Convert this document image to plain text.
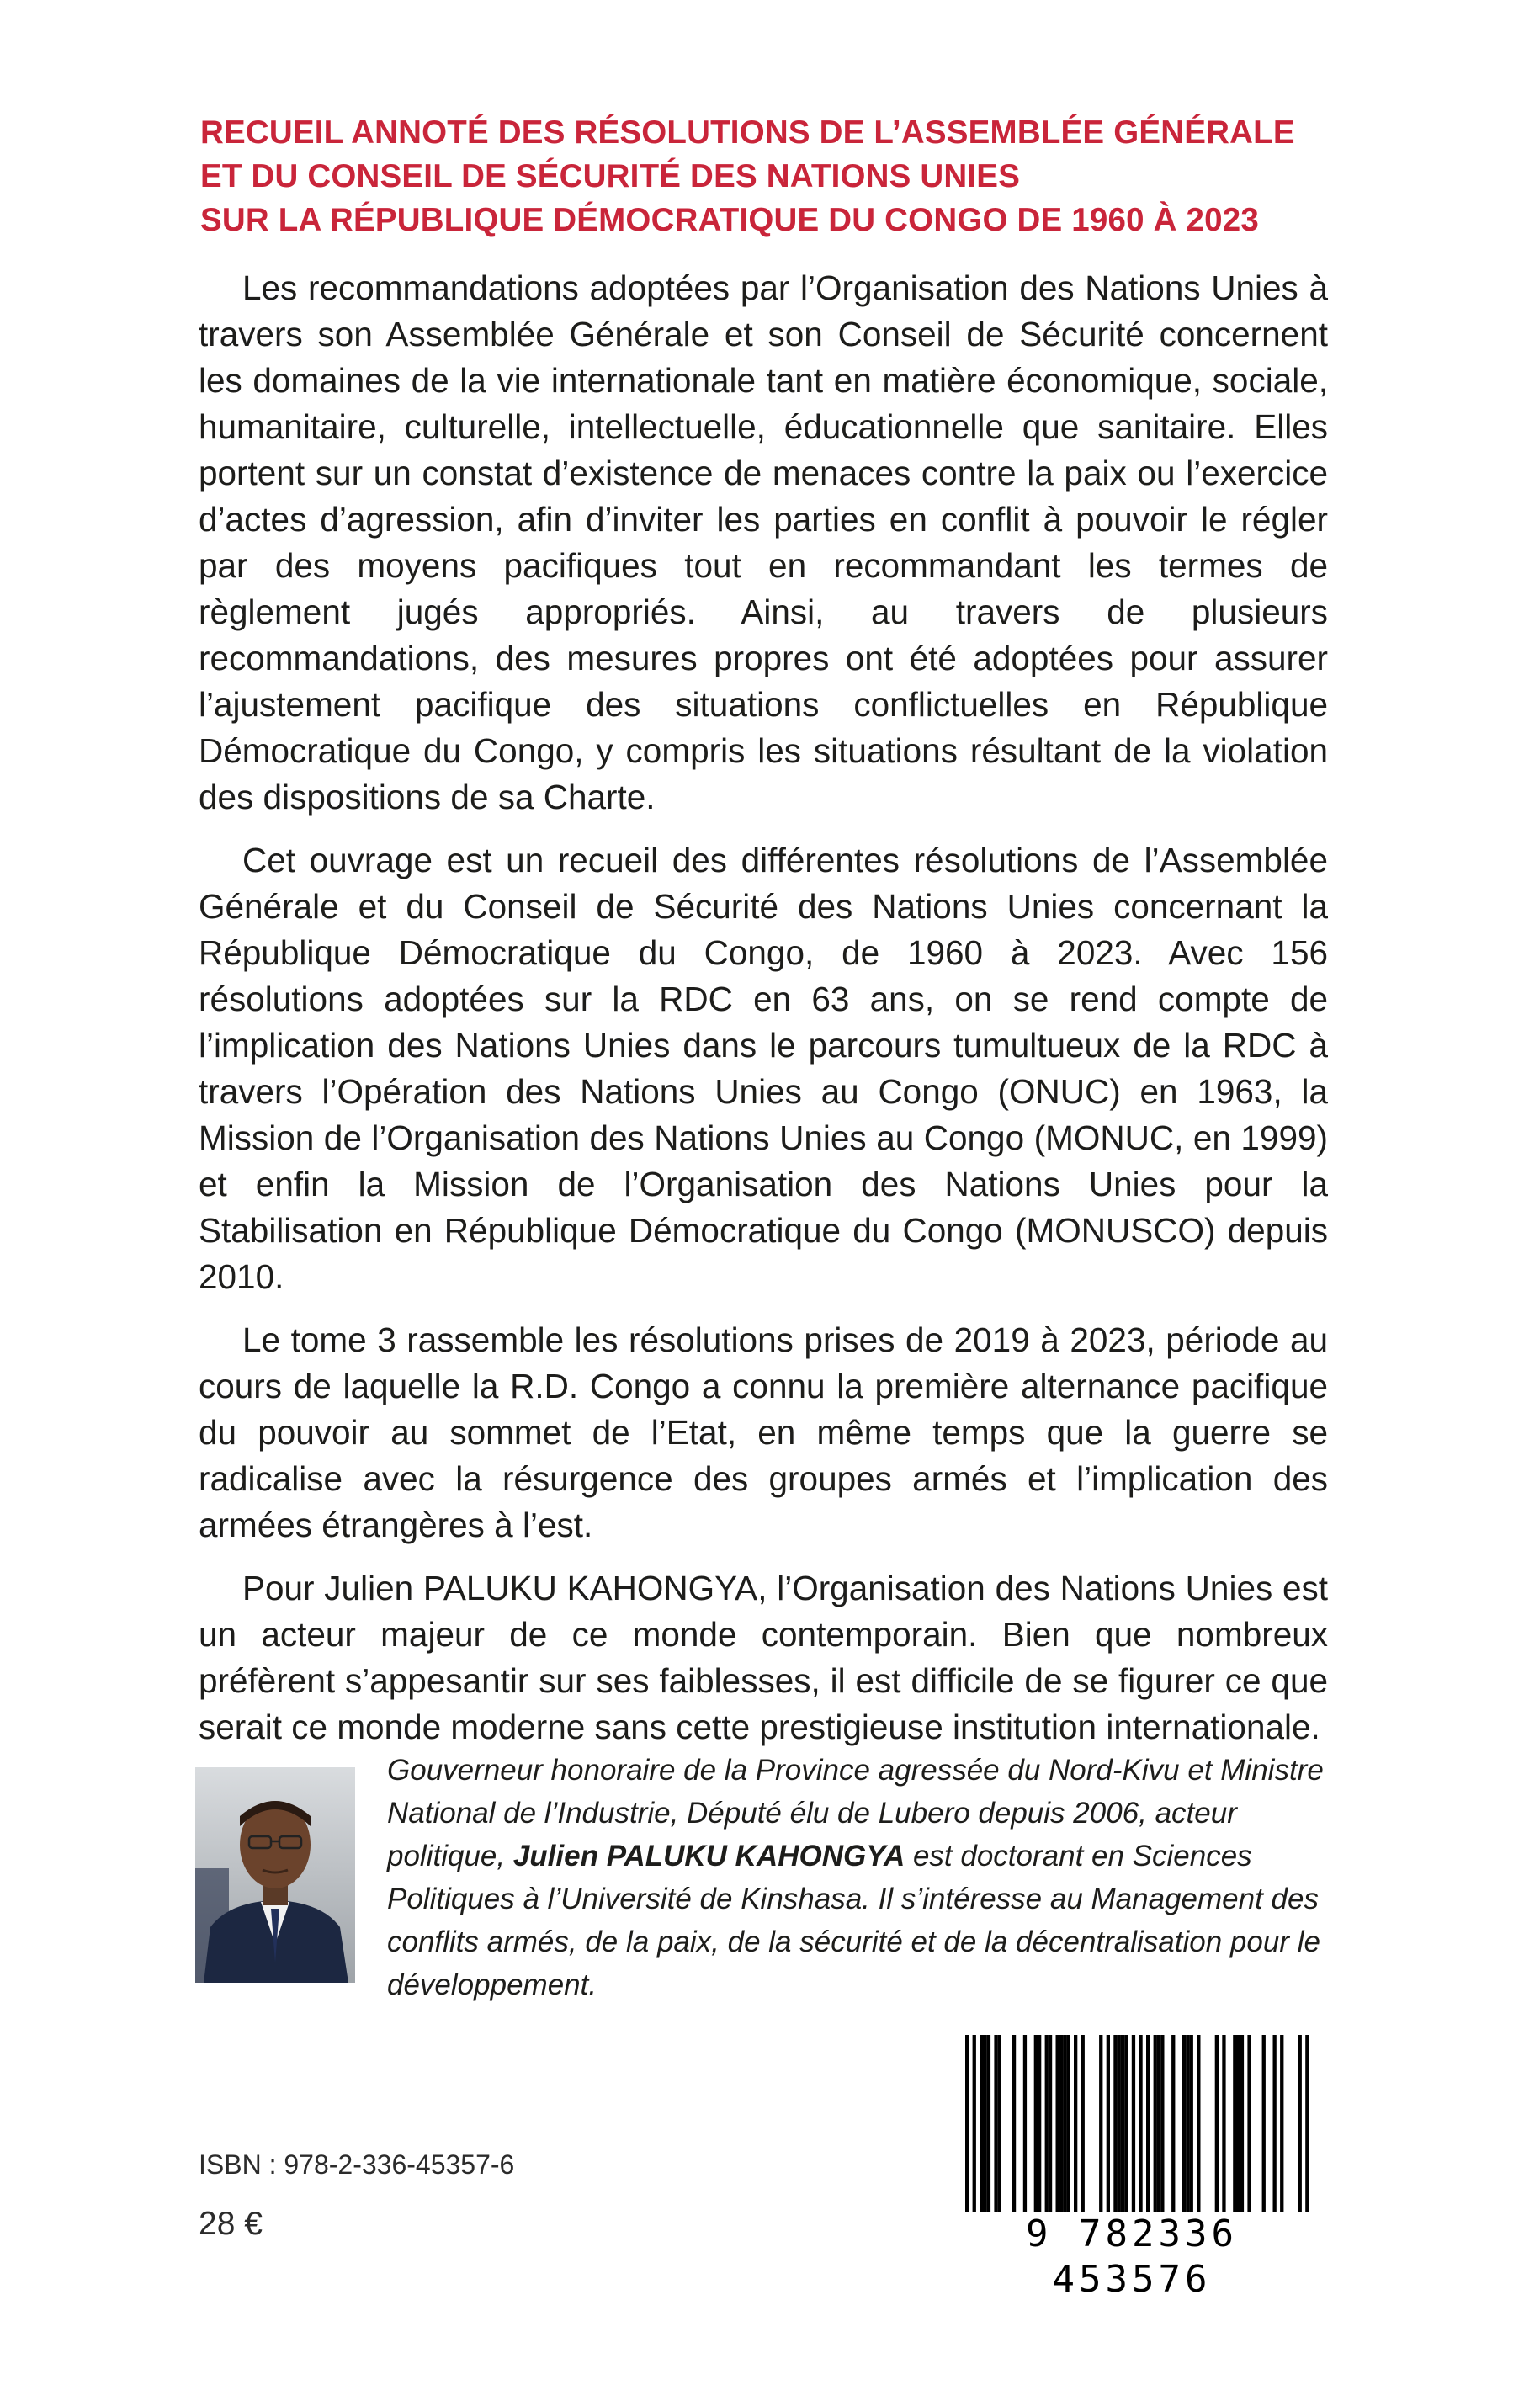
RECUEIL ANNOTÉ DES RÉSOLUTIONS DE L’ASSEMBLÉE GÉNÉRALE
ET DU CONSEIL DE SÉCURITÉ DES NATIONS UNIES
SUR LA RÉPUBLIQUE DÉMOCRATIQUE DU CONGO DE 1960 À 2023

Les recommandations adoptées par l’Organisation des Nations Unies à travers son Assemblée Générale et son Conseil de Sécurité concernent les domaines de la vie internationale tant en matière économique, sociale, humanitaire, culturelle, intellectuelle, éducationnelle que sanitaire. Elles portent sur un constat d’existence de menaces contre la paix ou l’exercice d’actes d’agression, afin d’inviter les parties en conflit à pouvoir le régler par des moyens pacifiques tout en recommandant les termes de règlement jugés appropriés. Ainsi, au travers de plusieurs recommandations, des mesures propres ont été adoptées pour assurer l’ajustement pacifique des situations conflictuelles en République Démocratique du Congo, y compris les situations résultant de la violation des dispositions de sa Charte.

Cet ouvrage est un recueil des différentes résolutions de l’Assemblée Générale et du Conseil de Sécurité des Nations Unies concernant la République Démocratique du Congo, de 1960 à 2023. Avec 156 résolutions adoptées sur la RDC en 63 ans, on se rend compte de l’implication des Nations Unies dans le parcours tumultueux de la RDC à travers l’Opération des Nations Unies au Congo (ONUC) en 1963, la Mission de l’Organisation des Nations Unies au Congo (MONUC, en 1999) et enfin la Mission de l’Organisation des Nations Unies pour la Stabilisation en République Démocratique du Congo (MONUSCO) depuis 2010.

Le tome 3 rassemble les résolutions prises de 2019 à 2023, période au cours de laquelle la R.D. Congo a connu la première alternance pacifique du pouvoir au sommet de l’Etat, en même temps que la guerre se radicalise avec la résurgence des groupes armés et l’implication des armées étrangères à l’est.

Pour Julien PALUKU KAHONGYA, l’Organisation des Nations Unies est un acteur majeur de ce monde contemporain. Bien que nombreux préfèrent s’appesantir sur ses faiblesses, il est difficile de se figurer ce que serait ce monde moderne sans cette prestigieuse institution internationale.

Gouverneur honoraire de la Province agressée du Nord-Kivu et Ministre National de l’Industrie, Député élu de Lubero depuis 2006, acteur politique, Julien PALUKU KAHONGYA est doctorant en Sciences Politiques à l’Université de Kinshasa. Il s’intéresse au Management des conflits armés, de la paix, de la sécurité et de la décentralisation pour le développement.
ISBN : 978-2-336-45357-6
28 €	9 782336 453576
